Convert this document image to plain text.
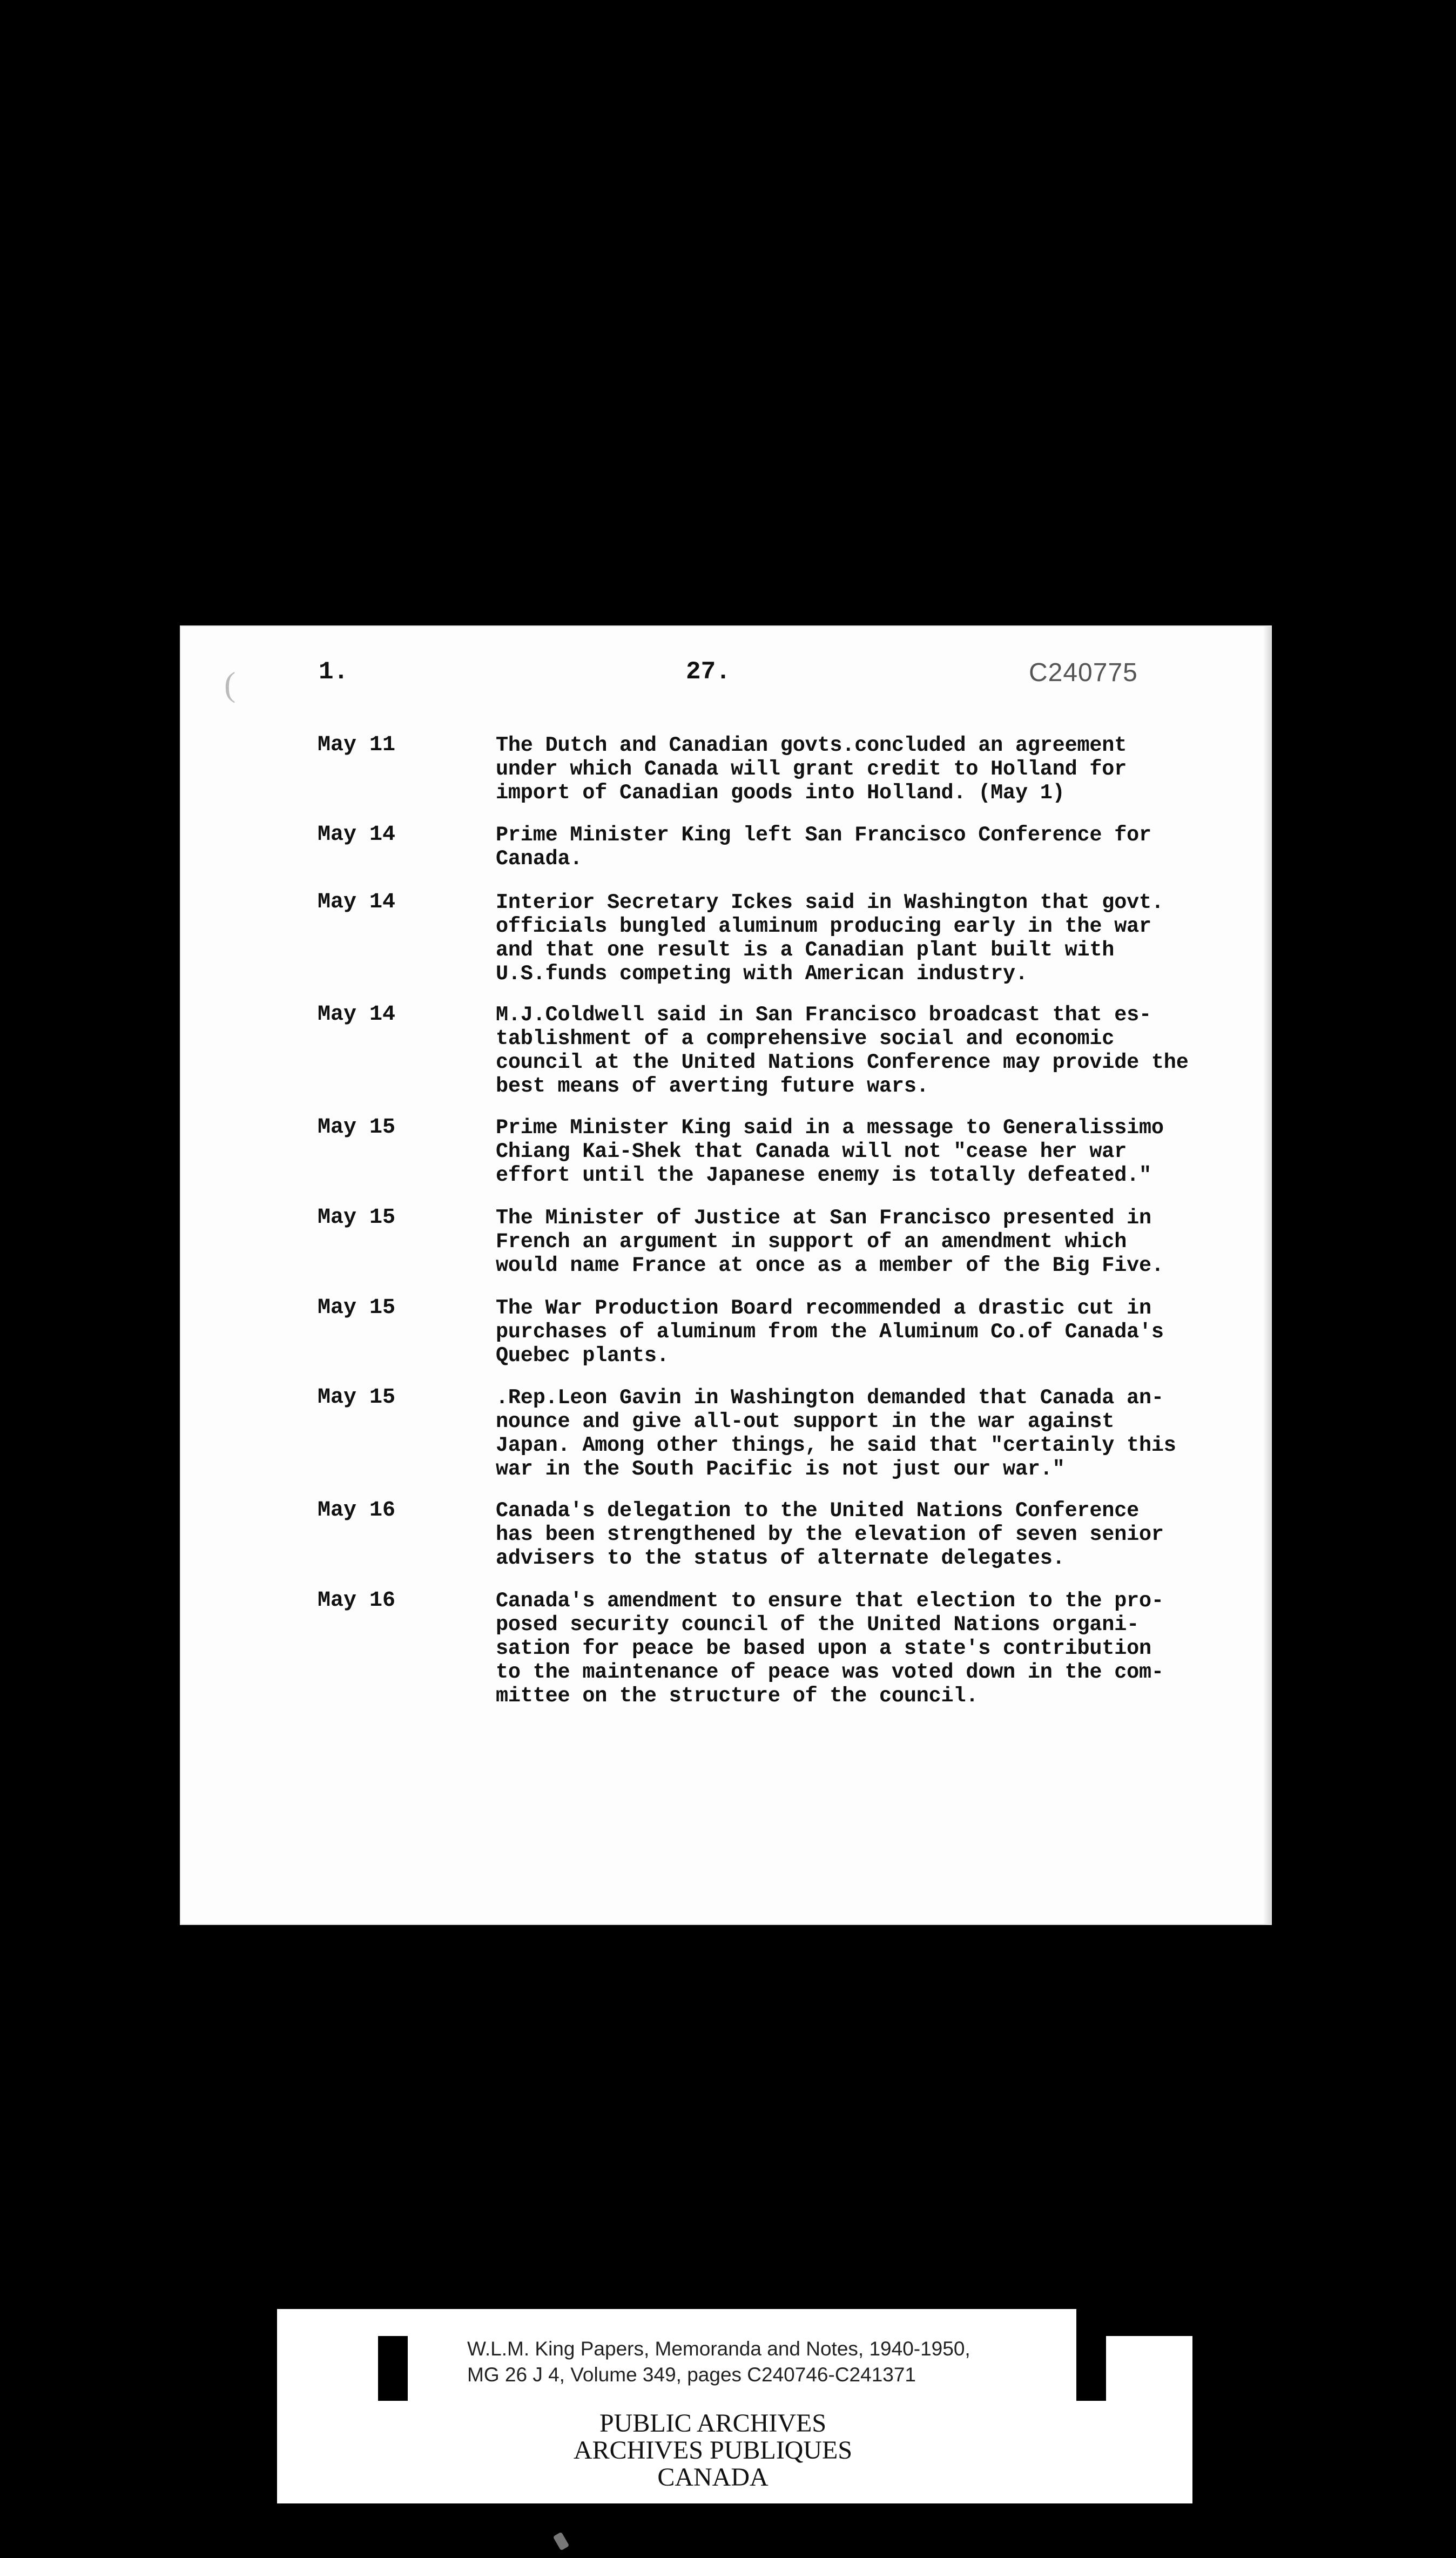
(	1.	27.	C240775
May 11	The Dutch and Canadian govts.concluded an agreement
under which Canada will grant credit to Holland for
import of Canadian goods into Holland. (May 1)
May 14	Prime Minister King left San Francisco Conference for
Canada.
May 14	Interior Secretary Ickes said in Washington that govt.
officials bungled aluminum producing early in the war
and that one result is a Canadian plant built with
U.S.funds competing with American industry.
May 14	M.J.Coldwell said in San Francisco broadcast that es-
tablishment of a comprehensive social and economic
council at the United Nations Conference may provide the
best means of averting future wars.
May 15	Prime Minister King said in a message to Generalissimo
Chiang Kai-Shek that Canada will not "cease her war
effort until the Japanese enemy is totally defeated."
May 15	The Minister of Justice at San Francisco presented in
French an argument in support of an amendment which
would name France at once as a member of the Big Five.
May 15	The War Production Board recommended a drastic cut in
purchases of aluminum from the Aluminum Co.of Canada's
Quebec plants.
May 15	.Rep.Leon Gavin in Washington demanded that Canada an-
nounce and give all-out support in the war against
Japan. Among other things, he said that "certainly this
war in the South Pacific is not just our war."
May 16	Canada's delegation to the United Nations Conference
has been strengthened by the elevation of seven senior
advisers to the status of alternate delegates.
May 16	Canada's amendment to ensure that election to the pro-
posed security council of the United Nations organi-
sation for peace be based upon a state's contribution
to the maintenance of peace was voted down in the com-
mittee on the structure of the council.
W.L.M. King Papers, Memoranda and Notes, 1940-1950,
MG 26 J 4, Volume 349, pages C240746-C241371
PUBLIC ARCHIVES
ARCHIVES PUBLIQUES
CANADA
